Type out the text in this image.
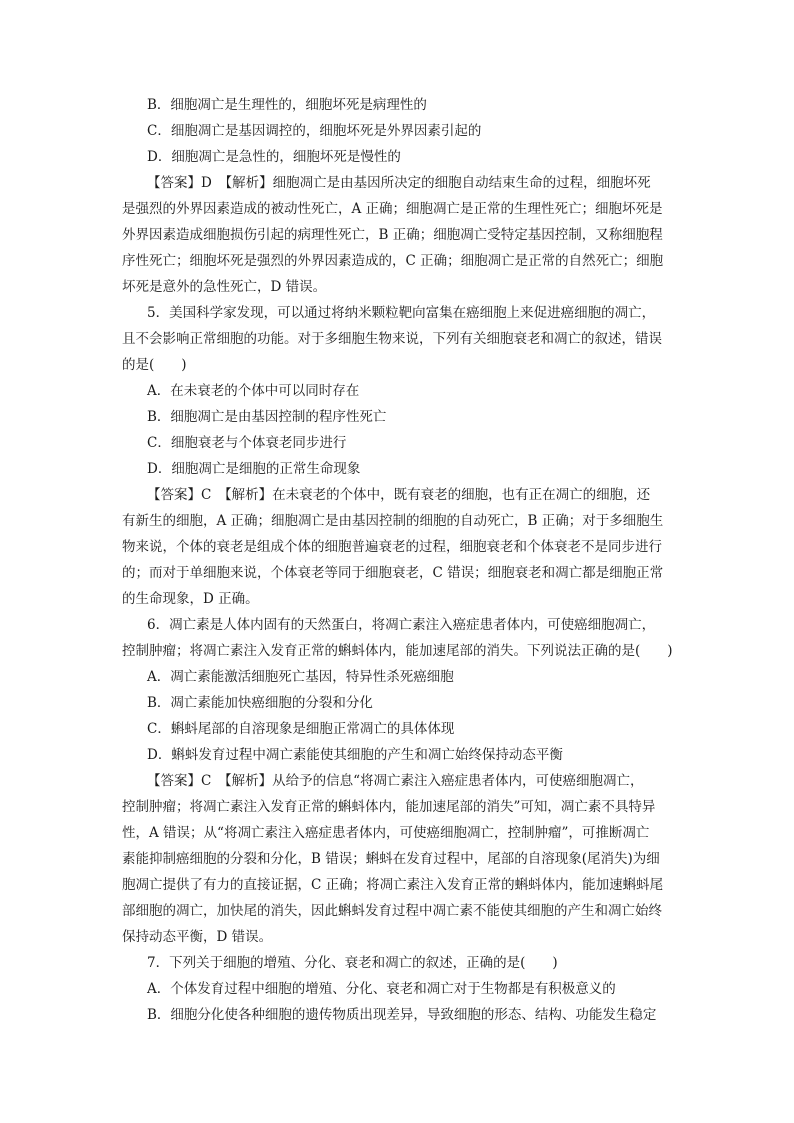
B．细胞凋亡是生理性的，细胞坏死是病理性的
C．细胞凋亡是基因调控的，细胞坏死是外界因素引起的
D．细胞凋亡是急性的，细胞坏死是慢性的
【答案】D　【解析】细胞凋亡是由基因所决定的细胞自动结束生命的过程，细胞坏死
是强烈的外界因素造成的被动性死亡，A 正确；细胞凋亡是正常的生理性死亡；细胞坏死是
外界因素造成细胞损伤引起的病理性死亡，B 正确；细胞凋亡受特定基因控制，又称细胞程
序性死亡；细胞坏死是强烈的外界因素造成的，C 正确；细胞凋亡是正常的自然死亡；细胞
坏死是意外的急性死亡，D 错误。
5．美国科学家发现，可以通过将纳米颗粒靶向富集在癌细胞上来促进癌细胞的凋亡，
且不会影响正常细胞的功能。对于多细胞生物来说，下列有关细胞衰老和凋亡的叙述，错误
的是(　　)
A．在未衰老的个体中可以同时存在
B．细胞凋亡是由基因控制的程序性死亡
C．细胞衰老与个体衰老同步进行
D．细胞凋亡是细胞的正常生命现象
【答案】C　【解析】在未衰老的个体中，既有衰老的细胞，也有正在凋亡的细胞，还
有新生的细胞，A 正确；细胞凋亡是由基因控制的细胞的自动死亡，B 正确；对于多细胞生
物来说，个体的衰老是组成个体的细胞普遍衰老的过程，细胞衰老和个体衰老不是同步进行
的；而对于单细胞来说，个体衰老等同于细胞衰老，C 错误；细胞衰老和凋亡都是细胞正常
的生命现象，D 正确。
6．凋亡素是人体内固有的天然蛋白，将凋亡素注入癌症患者体内，可使癌细胞凋亡，
控制肿瘤；将凋亡素注入发育正常的蝌蚪体内，能加速尾部的消失。下列说法正确的是(　　)
A．凋亡素能激活细胞死亡基因，特异性杀死癌细胞
B．凋亡素能加快癌细胞的分裂和分化
C．蝌蚪尾部的自溶现象是细胞正常凋亡的具体体现
D．蝌蚪发育过程中凋亡素能使其细胞的产生和凋亡始终保持动态平衡
【答案】C　【解析】从给予的信息“将凋亡素注入癌症患者体内，可使癌细胞凋亡，
控制肿瘤；将凋亡素注入发育正常的蝌蚪体内，能加速尾部的消失”可知，凋亡素不具特异
性，A 错误；从“将凋亡素注入癌症患者体内，可使癌细胞凋亡，控制肿瘤”，可推断凋亡
素能抑制癌细胞的分裂和分化，B 错误；蝌蚪在发育过程中，尾部的自溶现象(尾消失)为细
胞凋亡提供了有力的直接证据，C 正确；将凋亡素注入发育正常的蝌蚪体内，能加速蝌蚪尾
部细胞的凋亡，加快尾的消失，因此蝌蚪发育过程中凋亡素不能使其细胞的产生和凋亡始终
保持动态平衡，D 错误。
7．下列关于细胞的增殖、分化、衰老和凋亡的叙述，正确的是(　　)
A．个体发育过程中细胞的增殖、分化、衰老和凋亡对于生物都是有积极意义的
B．细胞分化使各种细胞的遗传物质出现差异，导致细胞的形态、结构、功能发生稳定
